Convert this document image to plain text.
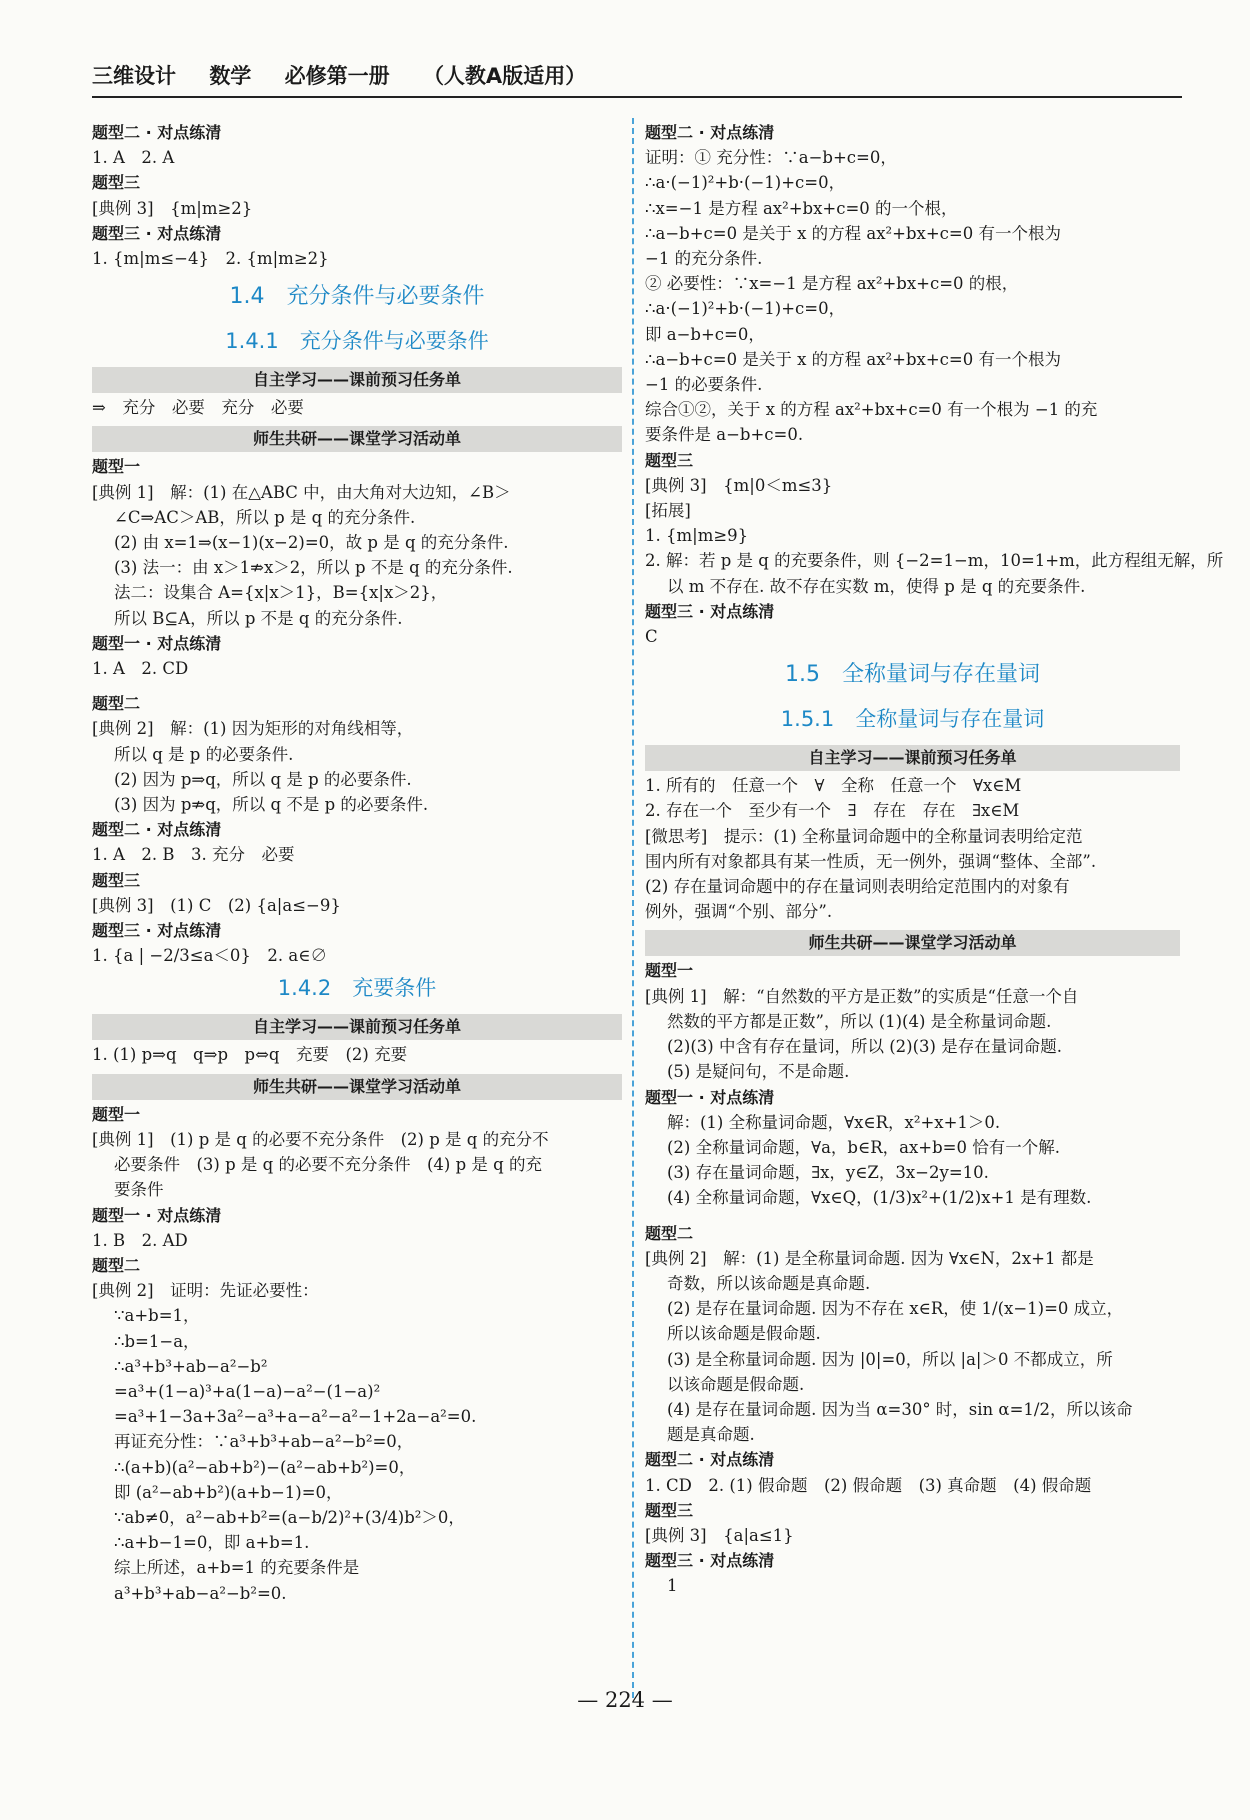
三维设计 数学 必修第一册 （人教A版适用）
题型二 · 对点练清
1. A　2. A
题型三
[典例 3]　{m|m≥2}
题型三 · 对点练清
1. {m|m≤−4}　2. {m|m≥2}
1.4　充分条件与必要条件
1.4.1　充分条件与必要条件
自主学习——课前预习任务单
⇒　充分　必要　充分　必要
师生共研——课堂学习活动单
题型一
[典例 1]　解：(1) 在△ABC 中，由大角对大边知，∠B＞
∠C⇒AC＞AB，所以 p 是 q 的充分条件.
(2) 由 x=1⇒(x−1)(x−2)=0，故 p 是 q 的充分条件.
(3) 法一：由 x＞1⇏x＞2，所以 p 不是 q 的充分条件.
法二：设集合 A={x|x＞1}，B={x|x＞2}，
所以 B⊆A，所以 p 不是 q 的充分条件.
题型一 · 对点练清
1. A　2. CD
题型二
[典例 2]　解：(1) 因为矩形的对角线相等，
所以 q 是 p 的必要条件.
(2) 因为 p⇒q，所以 q 是 p 的必要条件.
(3) 因为 p⇏q，所以 q 不是 p 的必要条件.
题型二 · 对点练清
1. A　2. B　3. 充分　必要
题型三
[典例 3]　(1) C　(2) {a|a≤−9}
题型三 · 对点练清
1. {a | −2/3≤a＜0}　2. a∈∅
1.4.2　充要条件
自主学习——课前预习任务单
1. (1) p⇒q　q⇒p　p⇔q　充要　(2) 充要
师生共研——课堂学习活动单
题型一
[典例 1]　(1) p 是 q 的必要不充分条件　(2) p 是 q 的充分不
必要条件　(3) p 是 q 的必要不充分条件　(4) p 是 q 的充
要条件
题型一 · 对点练清
1. B　2. AD
题型二
[典例 2]　证明：先证必要性：
∵a+b=1，
∴b=1−a，
∴a³+b³+ab−a²−b²
=a³+(1−a)³+a(1−a)−a²−(1−a)²
=a³+1−3a+3a²−a³+a−a²−a²−1+2a−a²=0.
再证充分性：∵a³+b³+ab−a²−b²=0，
∴(a+b)(a²−ab+b²)−(a²−ab+b²)=0，
即 (a²−ab+b²)(a+b−1)=0，
∵ab≠0，a²−ab+b²=(a−b/2)²+(3/4)b²＞0，
∴a+b−1=0，即 a+b=1.
综上所述，a+b=1 的充要条件是
a³+b³+ab−a²−b²=0.
题型二 · 对点练清
证明：① 充分性：∵a−b+c=0，
∴a·(−1)²+b·(−1)+c=0，
∴x=−1 是方程 ax²+bx+c=0 的一个根，
∴a−b+c=0 是关于 x 的方程 ax²+bx+c=0 有一个根为
−1 的充分条件.
② 必要性：∵x=−1 是方程 ax²+bx+c=0 的根，
∴a·(−1)²+b·(−1)+c=0，
即 a−b+c=0，
∴a−b+c=0 是关于 x 的方程 ax²+bx+c=0 有一个根为
−1 的必要条件.
综合①②，关于 x 的方程 ax²+bx+c=0 有一个根为 −1 的充
要条件是 a−b+c=0.
题型三
[典例 3]　{m|0＜m≤3}
[拓展]
1. {m|m≥9}
2. 解：若 p 是 q 的充要条件，则 {−2=1−m，10=1+m，此方程组无解，所
以 m 不存在. 故不存在实数 m，使得 p 是 q 的充要条件.
题型三 · 对点练清
C
1.5　全称量词与存在量词
1.5.1　全称量词与存在量词
自主学习——课前预习任务单
1. 所有的　任意一个　∀　全称　任意一个　∀x∈M
2. 存在一个　至少有一个　∃　存在　存在　∃x∈M
[微思考]　提示：(1) 全称量词命题中的全称量词表明给定范
围内所有对象都具有某一性质，无一例外，强调“整体、全部”.
(2) 存在量词命题中的存在量词则表明给定范围内的对象有
例外，强调“个别、部分”.
师生共研——课堂学习活动单
题型一
[典例 1]　解：“自然数的平方是正数”的实质是“任意一个自
然数的平方都是正数”，所以 (1)(4) 是全称量词命题.
(2)(3) 中含有存在量词，所以 (2)(3) 是存在量词命题.
(5) 是疑问句，不是命题.
题型一 · 对点练清
解：(1) 全称量词命题，∀x∈R，x²+x+1＞0.
(2) 全称量词命题，∀a，b∈R，ax+b=0 恰有一个解.
(3) 存在量词命题，∃x，y∈Z，3x−2y=10.
(4) 全称量词命题，∀x∈Q，(1/3)x²+(1/2)x+1 是有理数.
题型二
[典例 2]　解：(1) 是全称量词命题. 因为 ∀x∈N，2x+1 都是
奇数，所以该命题是真命题.
(2) 是存在量词命题. 因为不存在 x∈R，使 1/(x−1)=0 成立，
所以该命题是假命题.
(3) 是全称量词命题. 因为 |0|=0，所以 |a|＞0 不都成立，所
以该命题是假命题.
(4) 是存在量词命题. 因为当 α=30° 时，sin α=1/2，所以该命
题是真命题.
题型二 · 对点练清
1. CD　2. (1) 假命题　(2) 假命题　(3) 真命题　(4) 假命题
题型三
[典例 3]　{a|a≤1}
题型三 · 对点练清
1
— 224 —
